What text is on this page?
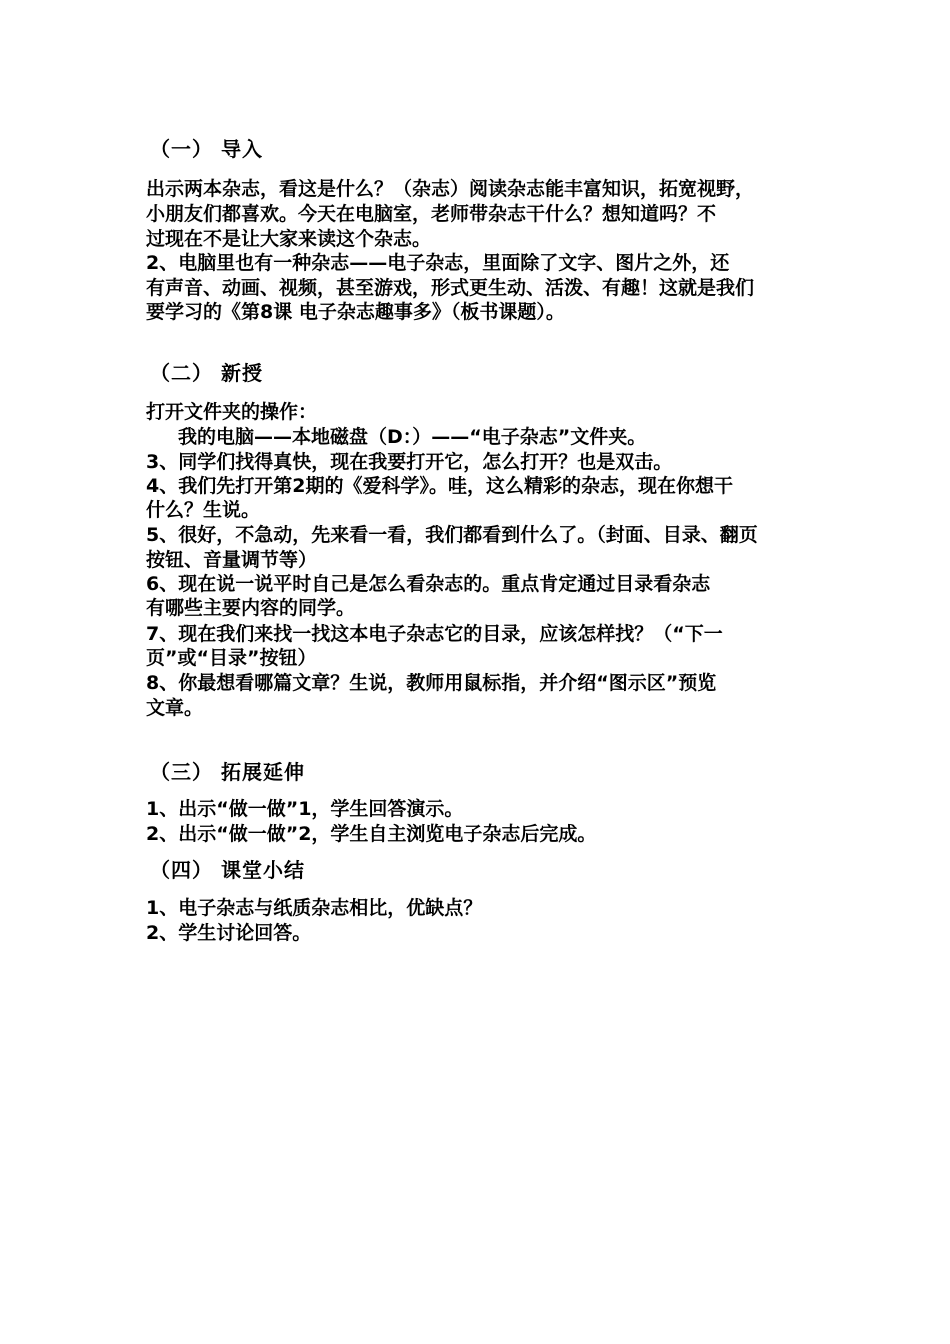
（一） 导入
出示两本杂志，看这是什么？（杂志）阅读杂志能丰富知识，拓宽视野，
小朋友们都喜欢。今天在电脑室，老师带杂志干什么？想知道吗？不
过现在不是让大家来读这个杂志。
2、电脑里也有一种杂志——电子杂志，里面除了文字、图片之外，还
有声音、动画、视频，甚至游戏，形式更生动、活泼、有趣！这就是我们
要学习的《第8课 电子杂志趣事多》（板书课题）。
（二） 新授
打开文件夹的操作：
我的电脑——本地磁盘（D：）——“电子杂志”文件夹。
3、同学们找得真快，现在我要打开它，怎么打开？也是双击。
4、我们先打开第2期的《爱科学》。哇，这么精彩的杂志，现在你想干
什么？生说。
5、很好，不急动，先来看一看，我们都看到什么了。（封面、目录、翻页
按钮、音量调节等）
6、现在说一说平时自己是怎么看杂志的。重点肯定通过目录看杂志
有哪些主要内容的同学。
7、现在我们来找一找这本电子杂志它的目录，应该怎样找？（“下一
页”或“目录”按钮）
8、你最想看哪篇文章？生说，教师用鼠标指，并介绍“图示区”预览
文章。
（三） 拓展延伸
1、出示“做一做”1，学生回答演示。
2、出示“做一做”2，学生自主浏览电子杂志后完成。
（四） 课堂小结
1、电子杂志与纸质杂志相比，优缺点？
2、学生讨论回答。
